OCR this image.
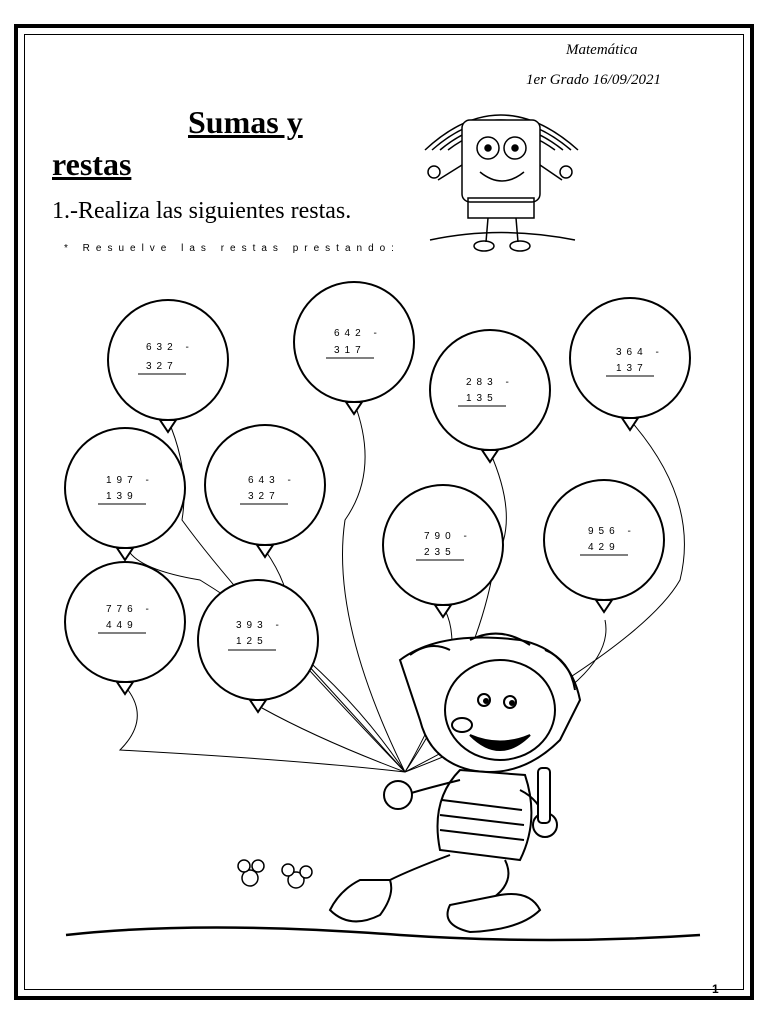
Matemática
1er Grado 16/09/2021
Sumas y
restas
1.-Realiza las siguientes restas.
* Resuelve las restas prestando:
632 -
327
642 -
317
283 -
135
364 -
137
197 -
139
643 -
327
790 -
235
956 -
429
776 -
449	393 -
125
1
